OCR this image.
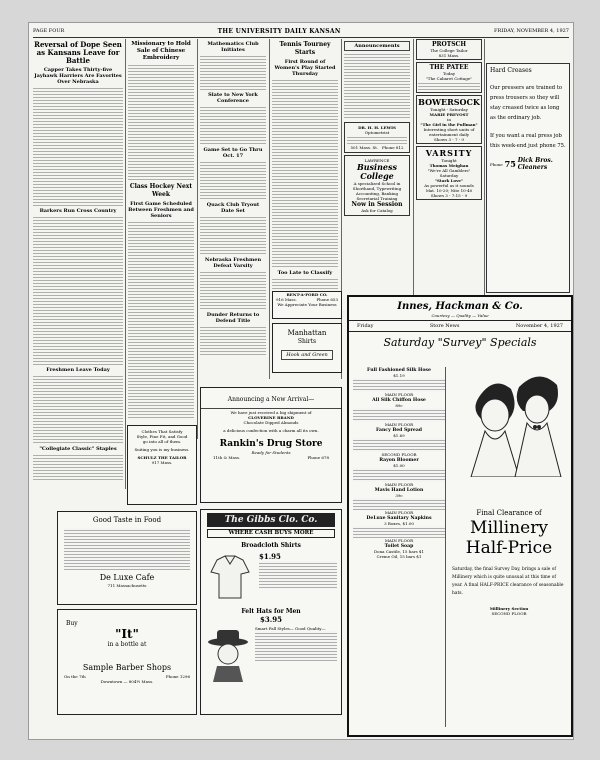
PAGE FOUR	THE UNIVERSITY DAILY KANSAN	FRIDAY, NOVEMBER 4, 1927
Reversal of Dope Seen as Kansans Leave for Battle
Capper Takes Thirty-five Jayhawk Harriers Are Favorites Over Nebraska
Barkers Run Cross Country
Freshmen Leave Today
"Collegiate Classic" Staples
Missionary to Hold Sale of Chinese Embroidery
Class Hockey Next Week
First Game Scheduled Between Freshmen and Seniors
Mathematics Club Initiates
Slate to New York Conference
Game Set to Go Thru Oct. 17
Quack Club Tryout Date Set
Nebraska Freshmen Defeat Varsity
Dunder Returns to Defend Title
Tennis Tourney Starts
First Round of Women's Play Started Thursday
Too Late to Classify
Announcements
DR. H. H. LEWIS
Optometrist
501 Mass. St. Phone 812
LAWRENCE
Business College
A specialized School in
Shorthand, Typewriting
Accounting, Banking
Secretarial Training
Now in Session
Ask for Catalog
PROTSCH
The College Tailor
831 Mass.
THE PATEE
Today
"The Cabaret Cottage"
BOWERSOCK
Tonight - Saturday
MARIE PREVOST
in
"The Girl in the Pullman"
Interesting short units of entertainment daily
Shows 3 - 7 - 9
VARSITY
Tonight
Thomas Meighan
"We're All Gamblers"
Saturday
"Stark Love"
As powerful as it sounds
Mat. 10-20; Nite 10-40
Shows 3 - 7:15 - 9
Hard Creases
Our pressers are trained to press trousers so they will stay creased twice as long as the ordinary job.
If you want a real press job this week-end just phone 75.
Phone 75 Dick Bros. Cleaners
Clothes That Satisfy
Style, Fine Fit, and Good
go into all of them.
Suiting you is my business.
SCHULZ THE TAILOR
917 Mass.
Good Taste in Food
De Luxe Cafe
711 Massachusetts
Buy
"It"
in a bottle at
Sample Barber Shops
On the 7th	Phone 1296
Downtown — 804½ Mass.
Announcing a New Arrival—
We have just received a big shipment of
CLOVERINE BRAND
Chocolate Dipped Almonds
a delicious confection with a charm all its own.
Rankin's Drug Store
Ready for Students
11th & Mass.	Phone 678
RENT-A-FORD CO.
916 Mass.	Phone 653
We Appreciate Your Business
Manhattan
Shirts
Hook and Green
The Gibbs Clo. Co.
WHERE CASH BUYS MORE
Broadcloth Shirts
$1.95
Felt Hats for Men
$3.95
Smart Fall Styles— Good Quality—
Innes, Hackman & Co.
Courtesy — Quality — Value
Friday	Store News	November 4, 1927
Saturday "Survey" Specials
Full Fashioned Silk Hose
$1.19
MAIN FLOOR
All Silk Chiffon Hose
89c
MAIN FLOOR
Fancy Bed Spread
$1.69
SECOND FLOOR
Rayon Bloomer
$1.00
MAIN FLOOR
Mavis Hand Lotion
39c
MAIN FLOOR
DeLuxe Sanitary Napkins
3 Boxes, $1.00
MAIN FLOOR
Toilet Soap
Dona Castile, 15 bars $1
Creme Oil, 15 bars $1
Final Clearance of
Millinery
Half-Price
Saturday, the final Survey Day, brings a sale of Millinery which is quite unusual at this time of year. A final HALF-PRICE clearance of seasonable hats.
Millinery Section
SECOND FLOOR
